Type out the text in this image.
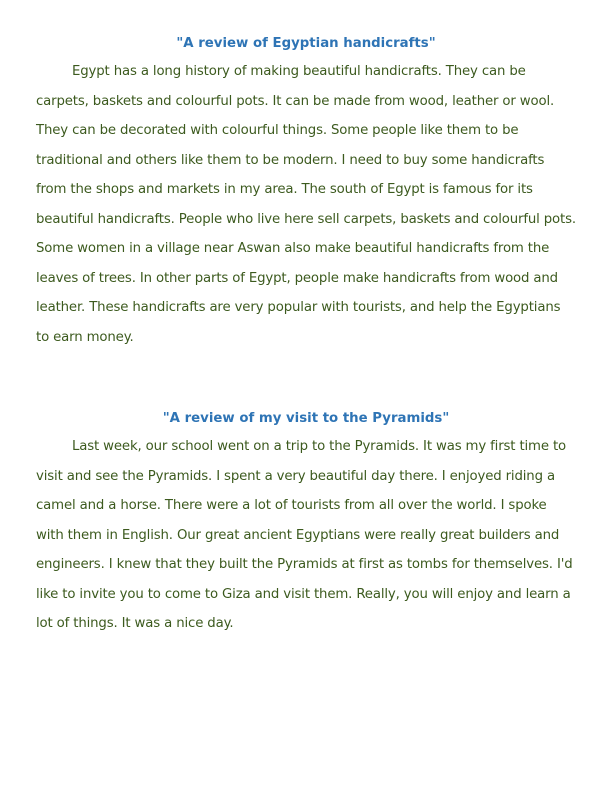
"A review of Egyptian handicrafts"

Egypt has a long history of making beautiful handicrafts. They can be carpets, baskets and colourful pots. It can be made from wood, leather or wool. They can be decorated with colourful things. Some people like them to be traditional and others like them to be modern. I need to buy some handicrafts from the shops and markets in my area. The south of Egypt is famous for its beautiful handicrafts. People who live here sell carpets, baskets and colourful pots. Some women in a village near Aswan also make beautiful handicrafts from the leaves of trees. In other parts of Egypt, people make handicrafts from wood and leather. These handicrafts are very popular with tourists, and help the Egyptians to earn money.

"A review of my visit to the Pyramids"

Last week, our school went on a trip to the Pyramids. It was my first time to visit and see the Pyramids. I spent a very beautiful day there. I enjoyed riding a camel and a horse. There were a lot of tourists from all over the world. I spoke with them in English. Our great ancient Egyptians were really great builders and engineers. I knew that they built the Pyramids at first as tombs for themselves. I'd like to invite you to come to Giza and visit them. Really, you will enjoy and learn a lot of things. It was a nice day.
